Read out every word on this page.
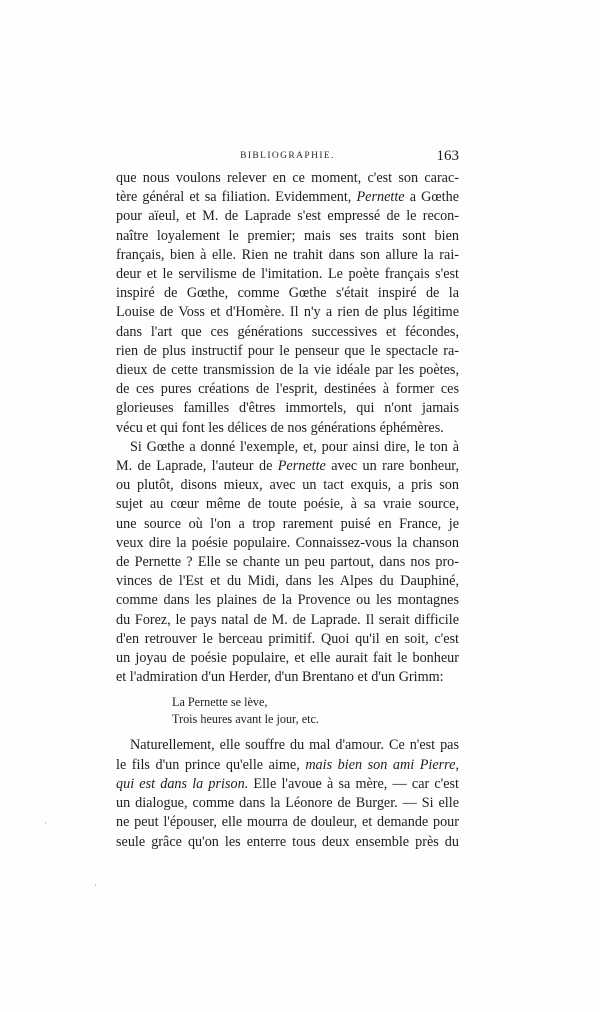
BIBLIOGRAPHIE.	163

que nous voulons relever en ce moment, c'est son carac-
tère général et sa filiation. Evidemment, Pernette a Gœthe
pour aïeul, et M. de Laprade s'est empressé de le recon-
naître loyalement le premier; mais ses traits sont bien
français, bien à elle. Rien ne trahit dans son allure la rai-
deur et le servilisme de l'imitation. Le poète français s'est
inspiré de Gœthe, comme Gœthe s'était inspiré de la
Louise de Voss et d'Homère. Il n'y a rien de plus légitime
dans l'art que ces générations successives et fécondes,
rien de plus instructif pour le penseur que le spectacle ra-
dieux de cette transmission de la vie idéale par les poètes,
de ces pures créations de l'esprit, destinées à former ces
glorieuses familles d'êtres immortels, qui n'ont jamais
vécu et qui font les délices de nos générations éphémères.

Si Gœthe a donné l'exemple, et, pour ainsi dire, le ton à
M. de Laprade, l'auteur de Pernette avec un rare bonheur,
ou plutôt, disons mieux, avec un tact exquis, a pris son
sujet au cœur même de toute poésie, à sa vraie source,
une source où l'on a trop rarement puisé en France, je
veux dire la poésie populaire. Connaissez-vous la chanson
de Pernette ? Elle se chante un peu partout, dans nos pro-
vinces de l'Est et du Midi, dans les Alpes du Dauphiné,
comme dans les plaines de la Provence ou les montagnes
du Forez, le pays natal de M. de Laprade. Il serait difficile
d'en retrouver le berceau primitif. Quoi qu'il en soit, c'est
un joyau de poésie populaire, et elle aurait fait le bonheur
et l'admiration d'un Herder, d'un Brentano et d'un Grimm:

La Pernette se lève,
Trois heures avant le jour, etc.

Naturellement, elle souffre du mal d'amour. Ce n'est pas
le fils d'un prince qu'elle aime, mais bien son ami Pierre,
qui est dans la prison. Elle l'avoue à sa mère, — car c'est
un dialogue, comme dans la Léonore de Burger. — Si elle
ne peut l'épouser, elle mourra de douleur, et demande pour
seule grâce qu'on les enterre tous deux ensemble près du

·
·
